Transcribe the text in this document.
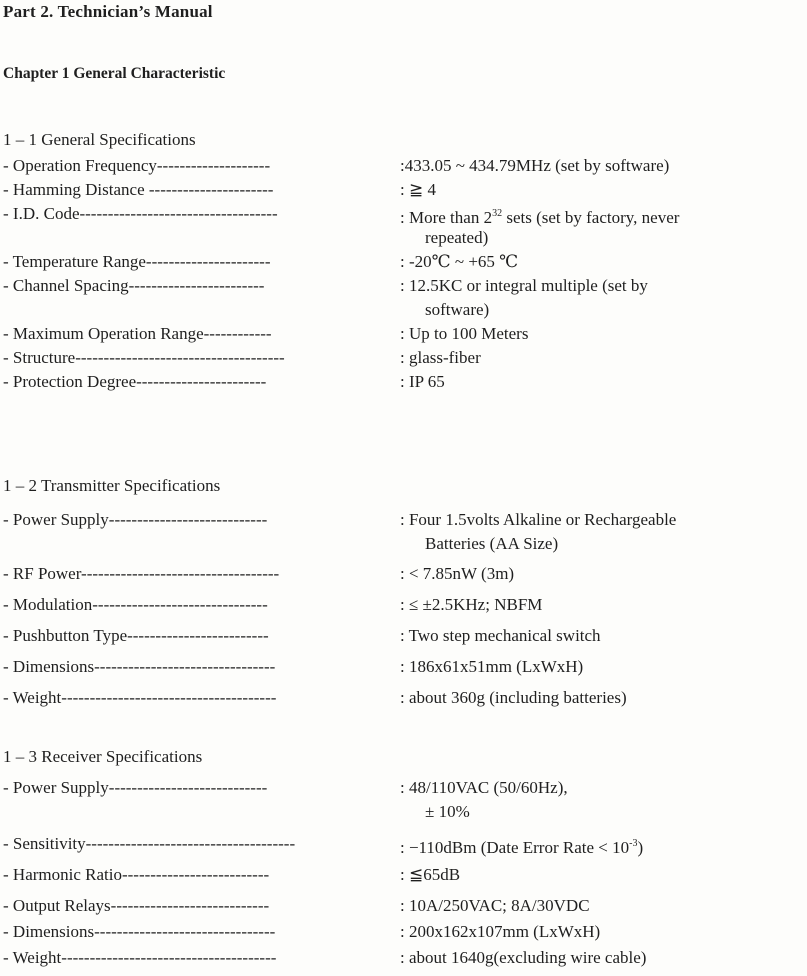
Part 2. Technician’s Manual
Chapter 1 General Characteristic
1 – 1 General Specifications
- Operation Frequency--------------------	:433.05 ~ 434.79MHz (set by software)
- Hamming Distance ----------------------	: ≧ 4
- I.D. Code-----------------------------------	: More than $2^{32}$ sets (set by factory, never
repeated)
- Temperature Range----------------------	: -20℃ ~ +65 ℃
- Channel Spacing------------------------	: 12.5KC or integral multiple (set by
software)
- Maximum Operation Range------------	: Up to 100 Meters
- Structure-------------------------------------	: glass-fiber
- Protection Degree-----------------------	: IP 65
1 – 2 Transmitter Specifications
- Power Supply----------------------------	: Four 1.5volts Alkaline or Rechargeable
Batteries (AA Size)
- RF Power-----------------------------------	: < 7.85nW (3m)
- Modulation-------------------------------	: ≤ ±2.5KHz; NBFM
- Pushbutton Type-------------------------	: Two step mechanical switch
- Dimensions--------------------------------	: 186x61x51mm (LxWxH)
- Weight--------------------------------------	: about 360g (including batteries)
1 – 3 Receiver Specifications
- Power Supply----------------------------	: 48/110VAC (50/60Hz),
± 10%
- Sensitivity-------------------------------------	: −110dBm (Date Error Rate < $10^{-3}$)
- Harmonic Ratio--------------------------	: ≦65dB
- Output Relays----------------------------	: 10A/250VAC; 8A/30VDC
- Dimensions--------------------------------	: 200x162x107mm (LxWxH)
- Weight--------------------------------------	: about 1640g(excluding wire cable)
